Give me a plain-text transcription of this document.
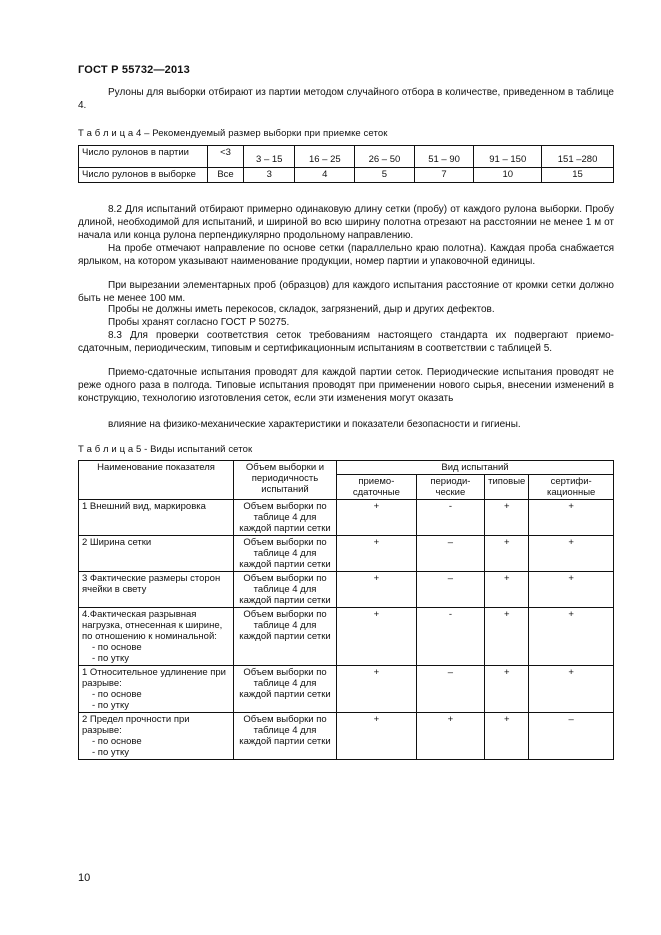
ГОСТ Р 55732—2013
Рулоны для выборки отбирают из партии методом случайного отбора в количестве, приведенном в таблице 4.
Т а б л и ц а 4 – Рекомендуемый размер выборки при приемке сеток
Число рулонов в партии	<3	3 – 15	16 – 25	26 – 50	51 – 90	91 – 150	151 –280
Число рулонов в выборке	Все	3	4	5	7	10	15
8.2 Для испытаний отбирают примерно одинаковую длину сетки (пробу) от каждого рулона выборки. Пробу длиной, необходимой для испытаний, и шириной во всю ширину полотна отрезают на расстоянии не менее 1 м от начала или конца рулона перпендикулярно продольному направлению.
На пробе отмечают направление по основе сетки (параллельно краю полотна). Каждая проба снабжается ярлыком, на котором указывают наименование продукции, номер партии и упаковочной единицы.
При вырезании элементарных проб (образцов) для каждого испытания расстояние от кромки сетки должно быть не менее 100 мм.
Пробы не должны иметь перекосов, складок, загрязнений, дыр и других дефектов.
Пробы хранят согласно ГОСТ Р 50275.
8.3 Для проверки соответствия сеток требованиям настоящего стандарта их подвергают приемо-сдаточным, периодическим, типовым и сертификационным испытаниям в соответствии с таблицей 5.
Приемо-сдаточные испытания проводят для каждой партии сеток. Периодические испытания проводят не реже одного раза в полгода. Типовые испытания проводят при применении нового сырья, внесении изменений в конструкцию, технологию изготовления сеток, если эти изменения могут оказать
влияние на физико-механические характеристики и показатели безопасности и гигиены.
Т а б л и ц а 5 - Виды испытаний сеток
Наименование показателя	Объем выборки и периодичность испытаний	Вид испытаний			
		приемо-сдаточные	периоди-ческие	типовые	сертифи-кационные

1 Внешний вид, маркировка	Объем выборки по таблице 4 для каждой партии сетки	+	-	+	+

2 Ширина сетки	Объем выборки по таблице 4 для каждой партии сетки	+	–	+	+

3 Фактические размеры сторон ячейки в свету	Объем выборки по таблице 4 для каждой партии сетки	+	–	+	+

4.Фактическая разрывная нагрузка, отнесенная к ширине, по отношению к номинальной:
- по основе
- по утку	Объем выборки по таблице 4 для каждой партии сетки	+	-	+	+

1 Относительное удлинение при разрыве:
- по основе
- по утку	Объем выборки по таблице 4 для каждой партии сетки	+	–	+	+

2 Предел прочности при разрыве:
- по основе
- по утку	Объем выборки по таблице 4 для каждой партии сетки	+	+	+	–
10
